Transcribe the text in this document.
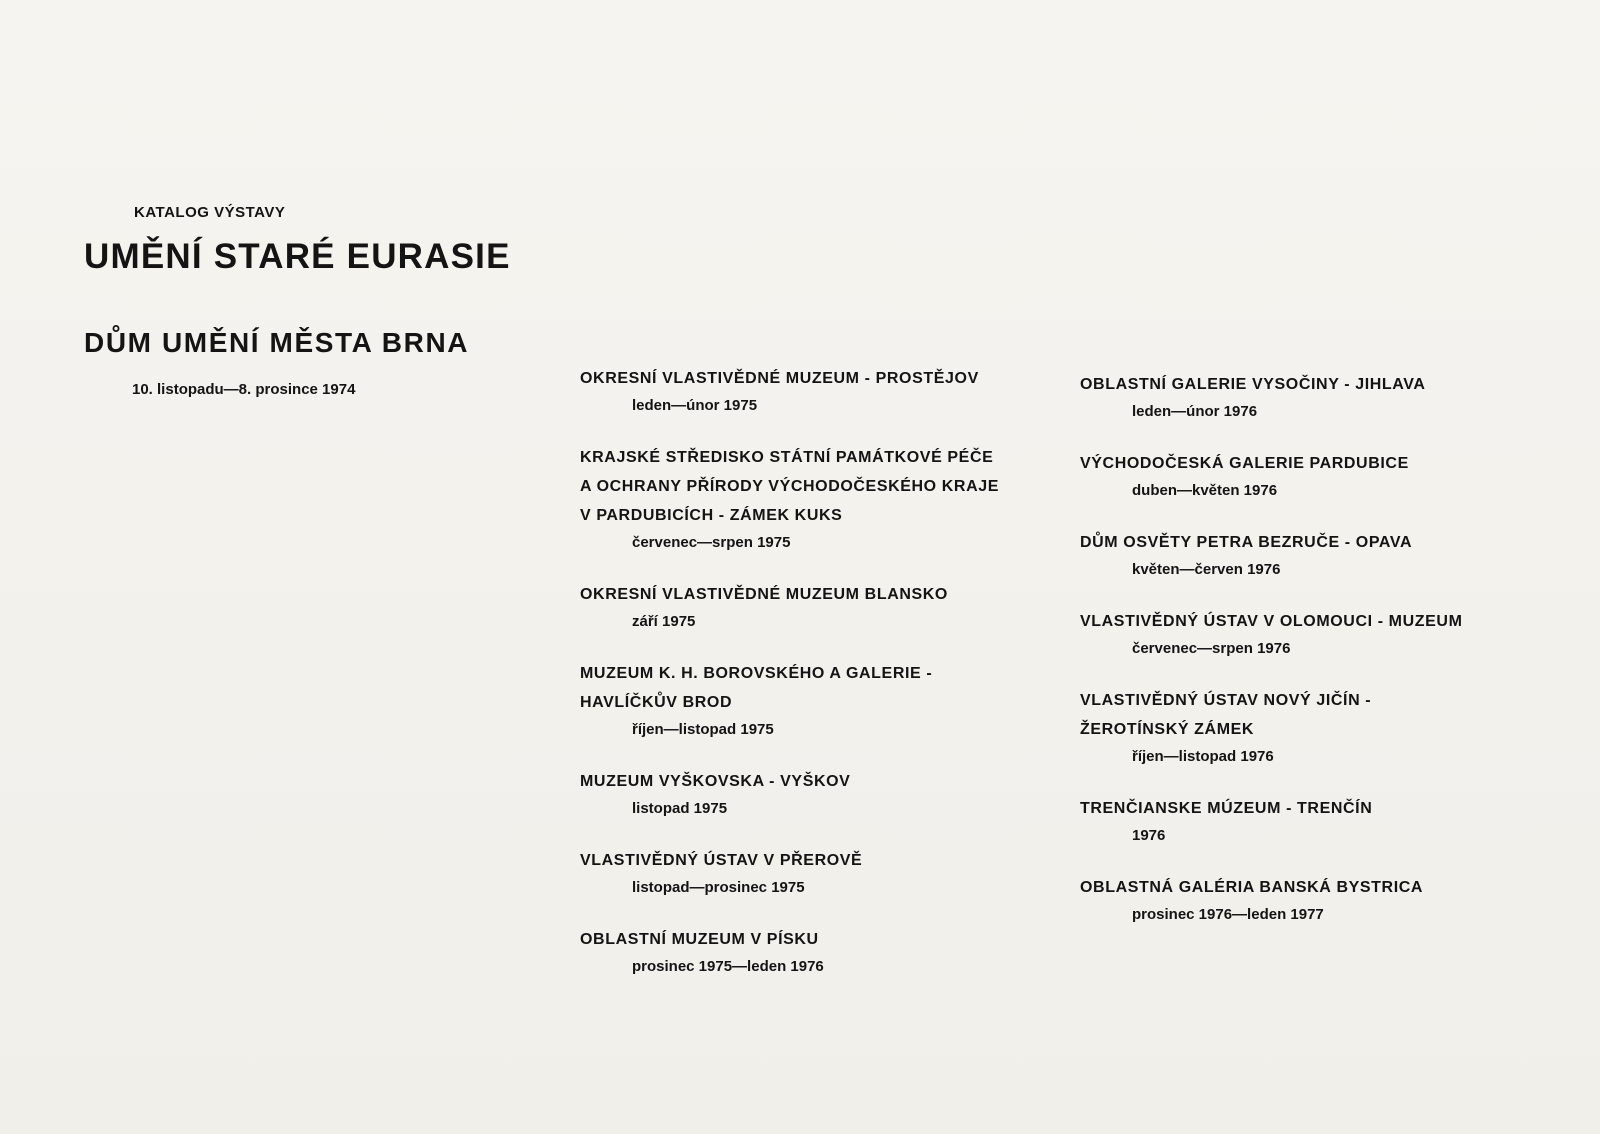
KATALOG VÝSTAVY
UMĚNÍ STARÉ EURASIE
DŮM UMĚNÍ MĚSTA BRNA
10. listopadu—8. prosince 1974
OKRESNÍ VLASTIVĚDNÉ MUZEUM - PROSTĚJOV
leden—únor 1975
KRAJSKÉ STŘEDISKO STÁTNÍ PAMÁTKOVÉ PÉČE
A OCHRANY PŘÍRODY VÝCHODOČESKÉHO KRAJE
V PARDUBICÍCH - ZÁMEK KUKS
červenec—srpen 1975
OKRESNÍ VLASTIVĚDNÉ MUZEUM BLANSKO
září 1975
MUZEUM K. H. BOROVSKÉHO A GALERIE -
HAVLÍČKŮV BROD
říjen—listopad 1975
MUZEUM VYŠKOVSKA - VYŠKOV
listopad 1975
VLASTIVĚDNÝ ÚSTAV V PŘEROVĚ
listopad—prosinec 1975
OBLASTNÍ MUZEUM V PÍSKU
prosinec 1975—leden 1976
OBLASTNÍ GALERIE VYSOČINY - JIHLAVA
leden—únor 1976
VÝCHODOČESKÁ GALERIE PARDUBICE
duben—květen 1976
DŮM OSVĚTY PETRA BEZRUČE - OPAVA
květen—červen 1976
VLASTIVĚDNÝ ÚSTAV V OLOMOUCI - MUZEUM
červenec—srpen 1976
VLASTIVĚDNÝ ÚSTAV NOVÝ JIČÍN -
ŽEROTÍNSKÝ ZÁMEK
říjen—listopad 1976
TRENČIANSKE MÚZEUM - TRENČÍN
1976
OBLASTNÁ GALÉRIA BANSKÁ BYSTRICA
prosinec 1976—leden 1977
